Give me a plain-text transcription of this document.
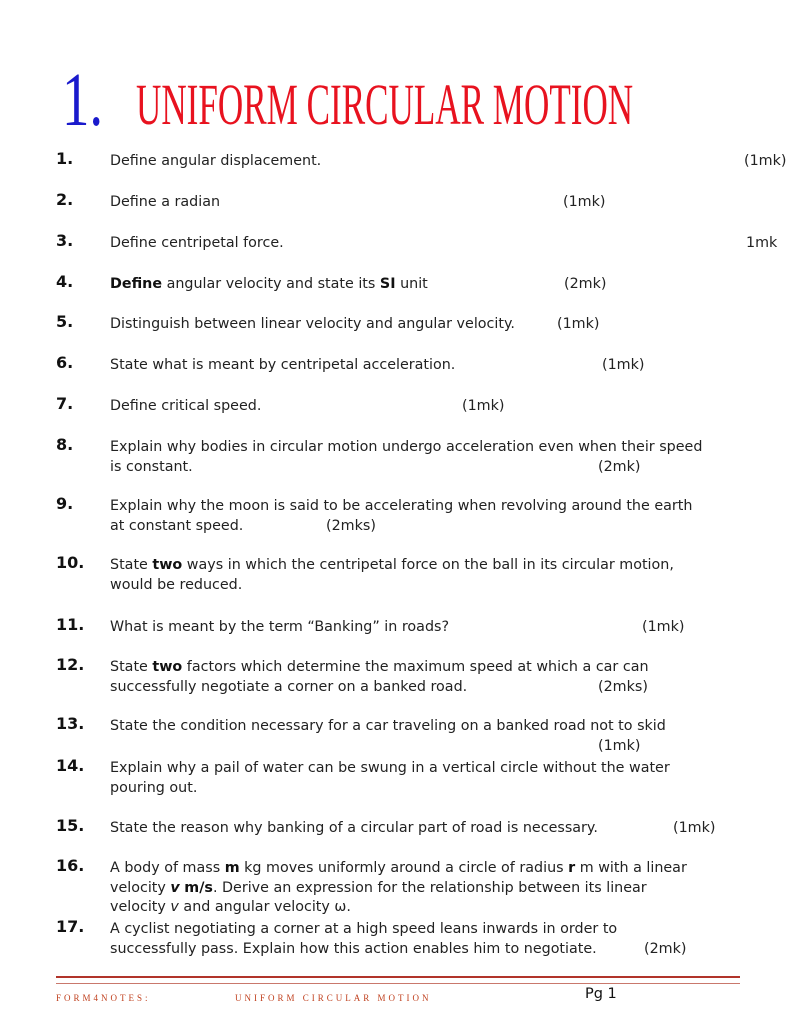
1. UNIFORM CIRCULAR MOTION
1.	Define angular displacement.	(1mk)
2.	Define a radian	(1mk)
3.	Define centripetal force.	1mk
4.	Define angular velocity and state its SI unit	(2mk)
5.	Distinguish between linear velocity and angular velocity.	(1mk)
6.	State what is meant by centripetal acceleration.	(1mk)
7.	Define critical speed.	(1mk)
8.	Explain why bodies in circular motion undergo acceleration even when their speed
is constant.	(2mk)
9.	Explain why the moon is said to be accelerating when revolving around the earth
at constant speed.	(2mks)
10. State two ways in which the centripetal force on the ball in its circular motion,
would be reduced.
11. What is meant by the term “Banking” in roads?	(1mk)
12. State two factors which determine the maximum speed at which a car can
successfully negotiate a corner on a banked road.	(2mks)
13. State the condition necessary for a car traveling on a banked road not to skid
(1mk)
14. Explain why a pail of water can be swung in a vertical circle without the water
pouring out.
15. State the reason why banking of a circular part of road is necessary.	(1mk)
16. A body of mass m kg moves uniformly around a circle of radius r m with a linear
velocity v m/s. Derive an expression for the relationship between its linear
velocity v and angular velocity ω.
17. A cyclist negotiating a corner at a high speed leans inwards in order to
successfully pass. Explain how this action enables him to negotiate.	(2mk)
FORM4NOTES:	UNIFORM CIRCULAR MOTION	Pg 1
